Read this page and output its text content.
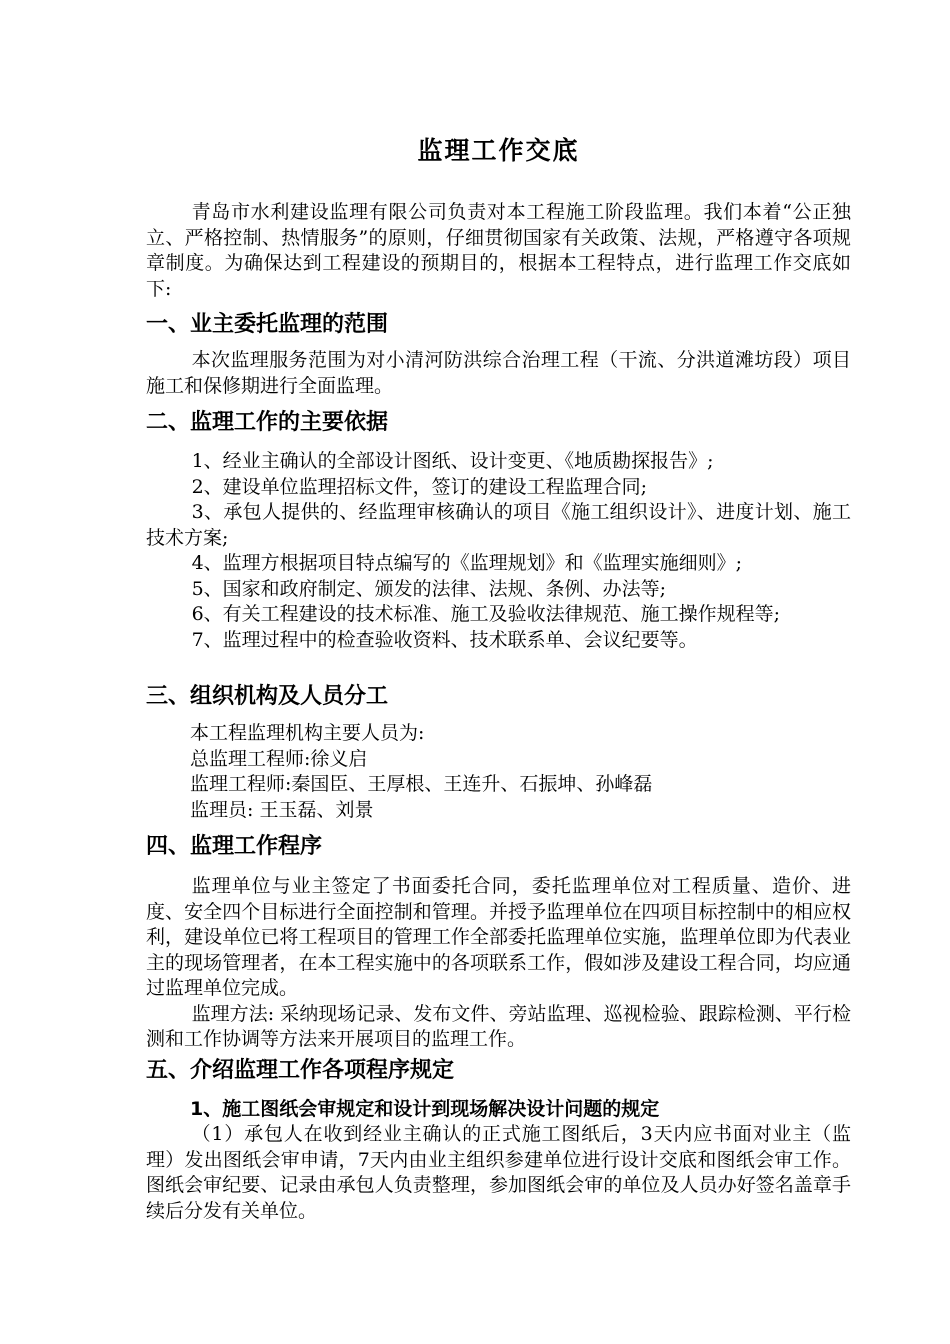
监理工作交底

青岛市水利建设监理有限公司负责对本工程施工阶段监理。我们本着“公正独立、严格控制、热情服务”的原则，仔细贯彻国家有关政策、法规，严格遵守各项规章制度。为确保达到工程建设的预期目的，根据本工程特点，进行监理工作交底如下:

一、业主委托监理的范围

本次监理服务范围为对小清河防洪综合治理工程（干流、分洪道滩坊段）项目施工和保修期进行全面监理。

二、监理工作的主要依据

1、经业主确认的全部设计图纸、设计变更、《地质勘探报告》;

2、建设单位监理招标文件，签订的建设工程监理合同;

3、承包人提供的、经监理审核确认的项目《施工组织设计》、进度计划、施工技术方案;

4、监理方根据项目特点编写的《监理规划》和《监理实施细则》;

5、国家和政府制定、颁发的法律、法规、条例、办法等;

6、有关工程建设的技术标准、施工及验收法律规范、施工操作规程等;

7、监理过程中的检查验收资料、技术联系单、会议纪要等。

三、组织机构及人员分工
本工程监理机构主要人员为:
总监理工程师:徐义启
监理工程师:秦国臣、王厚根、王连升、石振坤、孙峰磊
监理员: 王玉磊、刘景
四、监理工作程序

监理单位与业主签定了书面委托合同，委托监理单位对工程质量、造价、进度、安全四个目标进行全面控制和管理。并授予监理单位在四项目标控制中的相应权利，建设单位已将工程项目的管理工作全部委托监理单位实施，监理单位即为代表业主的现场管理者，在本工程实施中的各项联系工作，假如涉及建设工程合同，均应通过监理单位完成。

监理方法: 采纳现场记录、发布文件、旁站监理、巡视检验、跟踪检测、平行检测和工作协调等方法来开展项目的监理工作。

五、介绍监理工作各项程序规定
1、施工图纸会审规定和设计到现场解决设计问题的规定

（1）承包人在收到经业主确认的正式施工图纸后，3天内应书面对业主（监理）发出图纸会审申请，7天内由业主组织参建单位进行设计交底和图纸会审工作。图纸会审纪要、记录由承包人负责整理，参加图纸会审的单位及人员办好签名盖章手续后分发有关单位。
